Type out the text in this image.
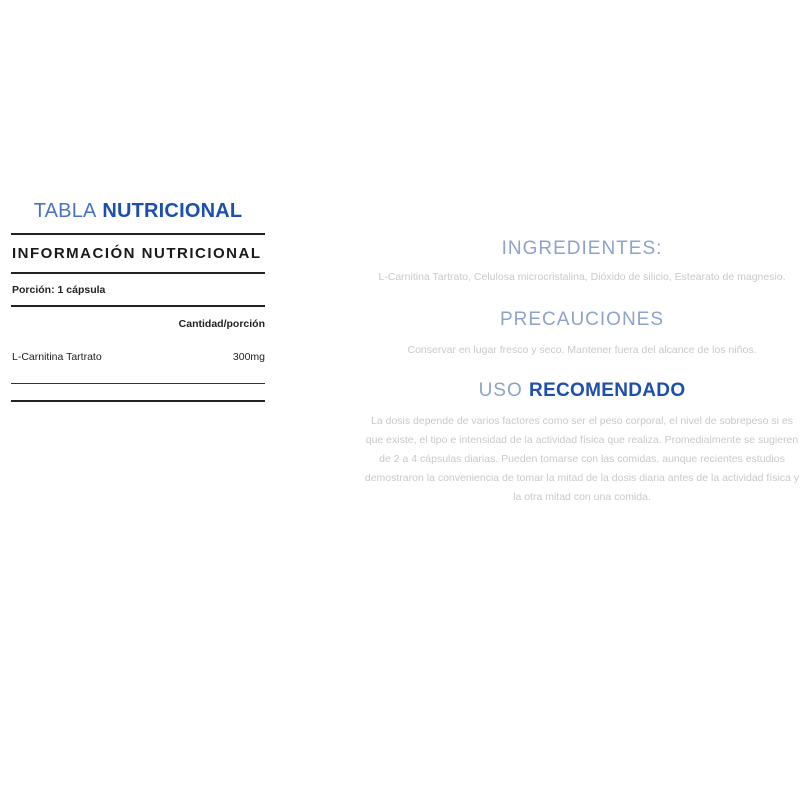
TABLA NUTRICIONAL
INFORMACIÓN NUTRICIONAL
Porción: 1 cápsula
Cantidad/porción
L-Carnitina Tartrato	300mg
INGREDIENTES:

L-Carnitina Tartrato, Celulosa microcristalina, Dióxido de silicio, Estearato de magnesio.

PRECAUCIONES

Conservar en lugar fresco y seco. Mantener fuera del alcance de los niños.

USO RECOMENDADO

La dosis depende de varios factores como ser el peso corporal, el nivel de sobrepeso si es que existe, el tipo e intensidad de la actividad física que realiza. Promedialmente se sugieren de 2 a 4 cápsulas diarias. Pueden tomarse con las comidas, aunque recientes estudios demostraron la conveniencia de tomar la mitad de la dosis diaria antes de la actividad física y la otra mitad con una comida.
